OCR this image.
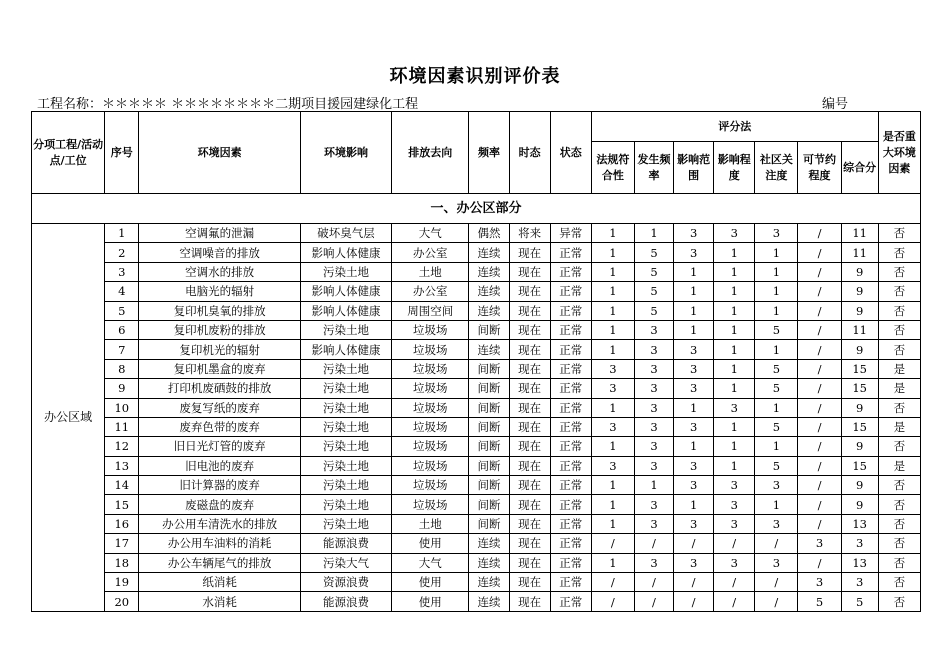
环境因素识别评价表
工程名称：＊＊＊＊＊ ＊＊＊＊＊＊＊＊二期项目援园建绿化工程	编号
分项工程/活动点/工位	序号	环境因素	环境影响	排放去向	频率	时态	状态	评分法							是否重大环境因素
								法规符合性	发生频率	影响范围	影响程度	社区关注度	可节约程度	综合分	
一、办公区部分															
办公区域	1	空调氟的泄漏	破坏臭气层	大气	偶然	将来	异常	1	1	3	3	3	/	11	否
	2	空调噪音的排放	影响人体健康	办公室	连续	现在	正常	1	5	3	1	1	/	11	否
	3	空调水的排放	污染土地	土地	连续	现在	正常	1	5	1	1	1	/	9	否
	4	电脑光的辐射	影响人体健康	办公室	连续	现在	正常	1	5	1	1	1	/	9	否
	5	复印机臭氧的排放	影响人体健康	周围空间	连续	现在	正常	1	5	1	1	1	/	9	否
	6	复印机废粉的排放	污染土地	垃圾场	间断	现在	正常	1	3	1	1	5	/	11	否
	7	复印机光的辐射	影响人体健康	垃圾场	连续	现在	正常	1	3	3	1	1	/	9	否
	8	复印机墨盒的废弃	污染土地	垃圾场	间断	现在	正常	3	3	3	1	5	/	15	是
	9	打印机废硒鼓的排放	污染土地	垃圾场	间断	现在	正常	3	3	3	1	5	/	15	是
	10	废复写纸的废弃	污染土地	垃圾场	间断	现在	正常	1	3	1	3	1	/	9	否
	11	废弃色带的废弃	污染土地	垃圾场	间断	现在	正常	3	3	3	1	5	/	15	是
	12	旧日光灯管的废弃	污染土地	垃圾场	间断	现在	正常	1	3	1	1	1	/	9	否
	13	旧电池的废弃	污染土地	垃圾场	间断	现在	正常	3	3	3	1	5	/	15	是
	14	旧计算器的废弃	污染土地	垃圾场	间断	现在	正常	1	1	3	3	3	/	9	否
	15	废磁盘的废弃	污染土地	垃圾场	间断	现在	正常	1	3	1	3	1	/	9	否
	16	办公用车清洗水的排放	污染土地	土地	间断	现在	正常	1	3	3	3	3	/	13	否
	17	办公用车油料的消耗	能源浪费	使用	连续	现在	正常	/	/	/	/	/	3	3	否
	18	办公车辆尾气的排放	污染大气	大气	连续	现在	正常	1	3	3	3	3	/	13	否
	19	纸消耗	资源浪费	使用	连续	现在	正常	/	/	/	/	/	3	3	否
	20	水消耗	能源浪费	使用	连续	现在	正常	/	/	/	/	/	5	5	否
